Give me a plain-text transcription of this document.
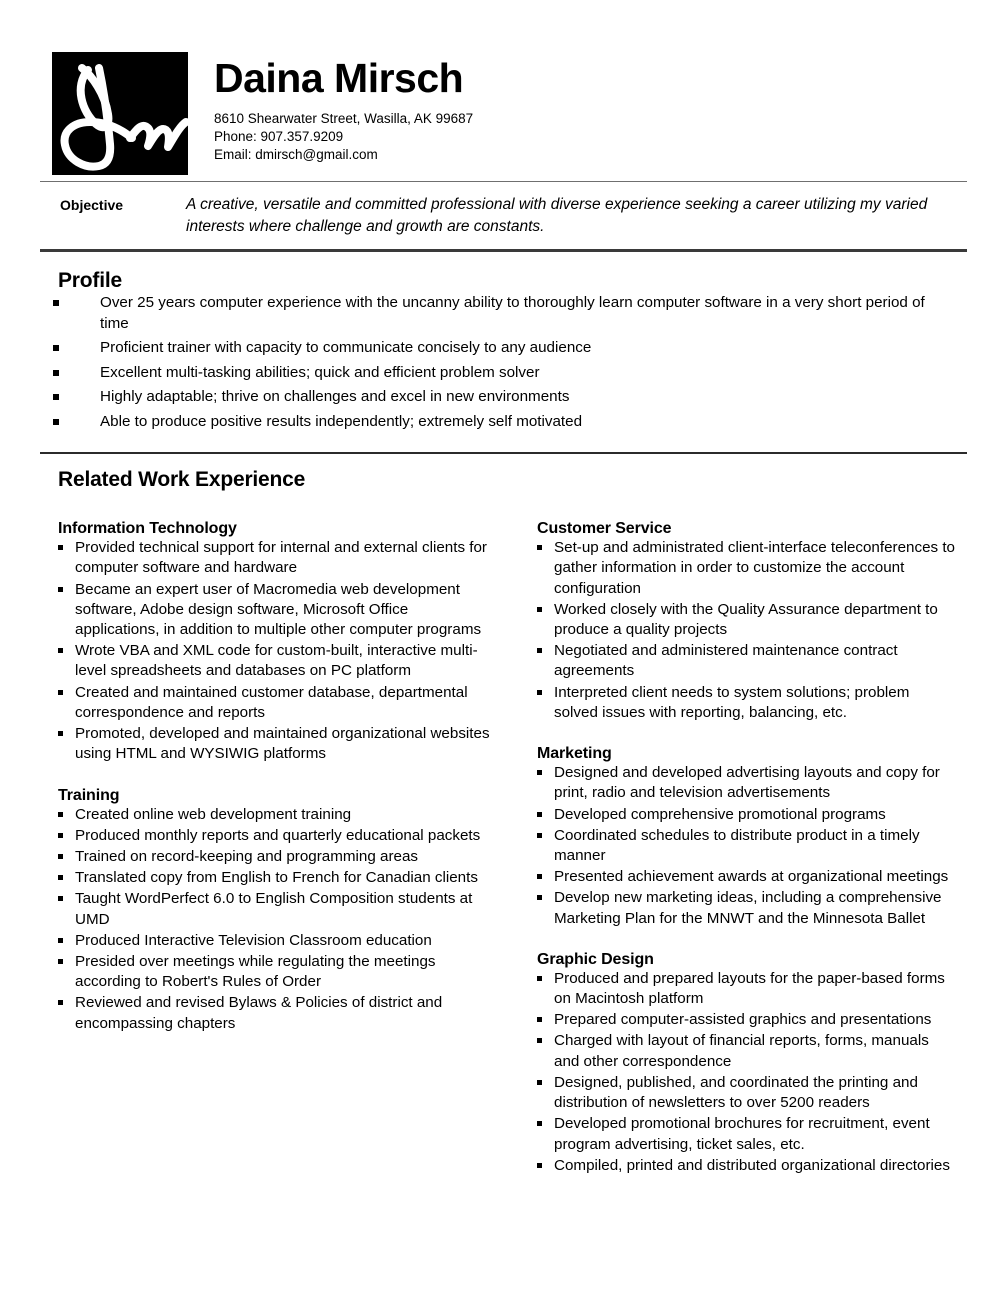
Daina Mirsch

8610 Shearwater Street, Wasilla, AK 99687

Phone: 907.357.9209

Email: dmirsch@gmail.com

Objective	A creative, versatile and committed professional with diverse experience seeking a career utilizing my varied interests where challenge and growth are constants.
Profile
Over 25 years computer experience with the uncanny ability to thoroughly learn computer software in a very short period of time
Proficient trainer with capacity to communicate concisely to any audience
Excellent multi-tasking abilities; quick and efficient problem solver
Highly adaptable; thrive on challenges and excel in new environments
Able to produce positive results independently; extremely self motivated
Related Work Experience
Information Technology
Provided technical support for internal and external clients for computer software and hardware
Became an expert user of Macromedia web development software, Adobe design software, Microsoft Office applications, in addition to multiple other computer programs
Wrote VBA and XML code for custom-built, interactive multi-level spreadsheets and databases on PC platform
Created and maintained customer database, departmental correspondence and reports
Promoted, developed and maintained organizational websites using HTML and WYSIWIG platforms
Training
Created online web development training
Produced monthly reports and quarterly educational packets
Trained on record-keeping and programming areas
Translated copy from English to French for Canadian clients
Taught WordPerfect 6.0 to English Composition students at UMD
Produced Interactive Television Classroom education
Presided over meetings while regulating the meetings according to Robert's Rules of Order
Reviewed and revised Bylaws & Policies of district and encompassing chapters
Customer Service
Set-up and administrated client-interface teleconferences to gather information in order to customize the account configuration
Worked closely with the Quality Assurance department to produce a quality projects
Negotiated and administered maintenance contract agreements
Interpreted client needs to system solutions; problem solved issues with reporting, balancing, etc.
Marketing
Designed and developed advertising layouts and copy for print, radio and television advertisements
Developed comprehensive promotional programs
Coordinated schedules to distribute product in a timely manner
Presented achievement awards at organizational meetings
Develop new marketing ideas, including a comprehensive Marketing Plan for the MNWT and the Minnesota Ballet
Graphic Design
Produced and prepared layouts for the paper-based forms on Macintosh platform
Prepared computer-assisted graphics and presentations
Charged with layout of financial reports, forms, manuals and other correspondence
Designed, published, and coordinated the printing and distribution of newsletters to over 5200 readers
Developed promotional brochures for recruitment, event program advertising, ticket sales, etc.
Compiled, printed and distributed organizational directories
